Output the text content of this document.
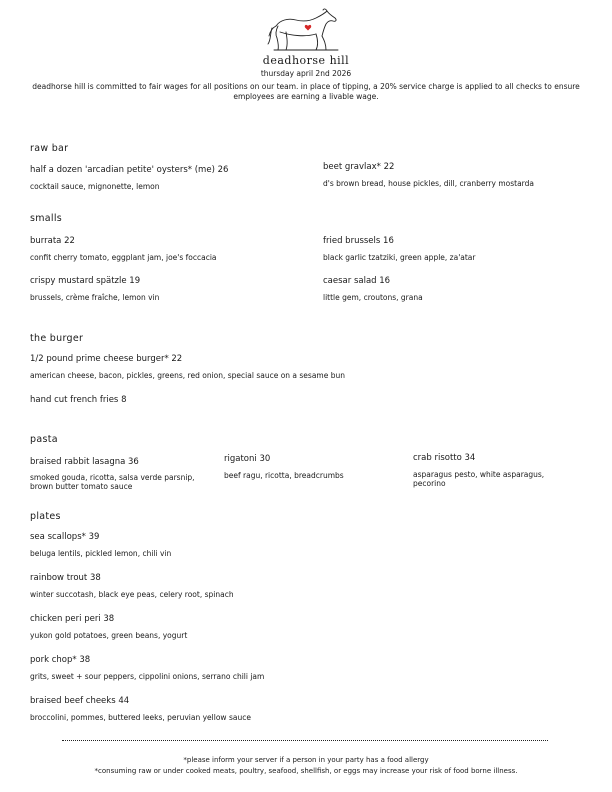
deadhorse hill
thursday april 2nd 2026
deadhorse hill is committed to fair wages for all positions on our team. in place of tipping, a 20% service charge is applied to all checks to ensure employees are earning a livable wage.
raw bar
half a dozen 'arcadian petite' oysters* (me) 26
cocktail sauce, mignonette, lemon
beet gravlax* 22
d's brown bread, house pickles, dill, cranberry mostarda
smalls
burrata 22
confit cherry tomato, eggplant jam, joe's foccacia
fried brussels 16
black garlic tzatziki, green apple, za'atar
crispy mustard spätzle 19
brussels, crème fraîche, lemon vin
caesar salad 16
little gem, croutons, grana
the burger
1/2 pound prime cheese burger* 22
american cheese, bacon, pickles, greens, red onion, special sauce on a sesame bun
hand cut french fries 8
pasta
braised rabbit lasagna 36
smoked gouda, ricotta, salsa verde parsnip, brown butter tomato sauce
rigatoni 30
beef ragu, ricotta, breadcrumbs
crab risotto 34
asparagus pesto, white asparagus, pecorino
plates
sea scallops* 39
beluga lentils, pickled lemon, chili vin
rainbow trout 38
winter succotash, black eye peas, celery root, spinach
chicken peri peri 38
yukon gold potatoes, green beans, yogurt
pork chop* 38
grits, sweet + sour peppers, cippolini onions, serrano chili jam
braised beef cheeks 44
broccolini, pommes, buttered leeks, peruvian yellow sauce
*please inform your server if a person in your party has a food allergy
*consuming raw or under cooked meats, poultry, seafood, shellfish, or eggs may increase your risk of food borne illness.
